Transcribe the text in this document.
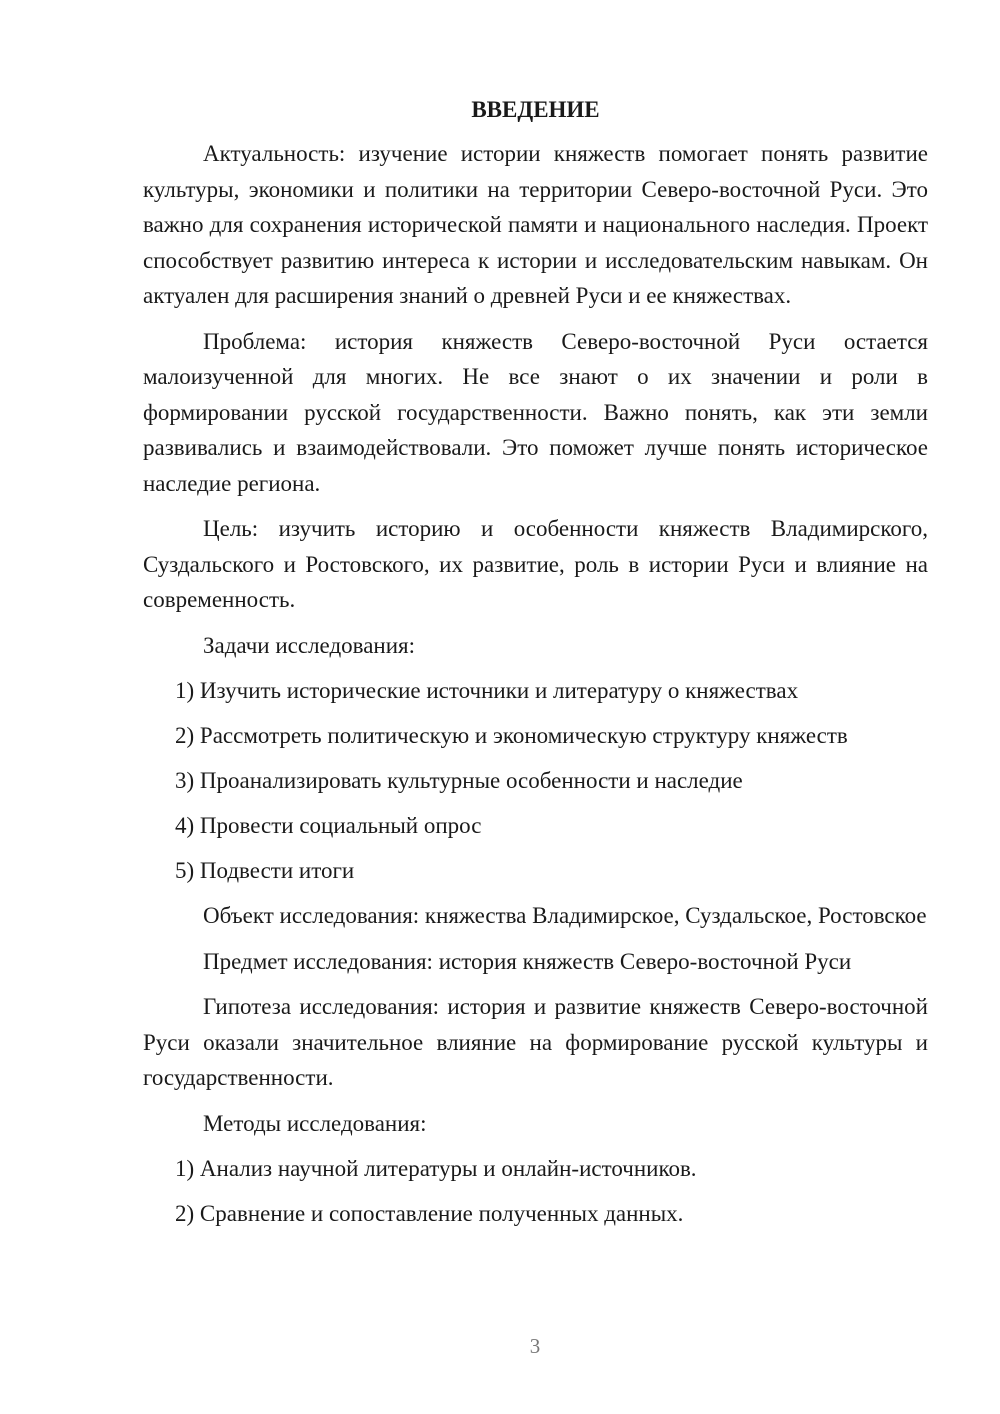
ВВЕДЕНИЕ

Актуальность: изучение истории княжеств помогает понять развитие культуры, экономики и политики на территории Северо-восточной Руси. Это важно для сохранения исторической памяти и национального наследия. Проект способствует развитию интереса к истории и исследовательским навыкам. Он актуален для расширения знаний о древней Руси и ее княжествах.

Проблема: история княжеств Северо-восточной Руси остается малоизученной для многих. Не все знают о их значении и роли в формировании русской государственности. Важно понять, как эти земли развивались и взаимодействовали. Это поможет лучше понять историческое наследие региона.

Цель: изучить историю и особенности княжеств Владимирского, Суздальского и Ростовского, их развитие, роль в истории Руси и влияние на современность.

Задачи исследования:

1) Изучить исторические источники и литературу о княжествах
2) Рассмотреть политическую и экономическую структуру княжеств
3) Проанализировать культурные особенности и наследие
4) Провести социальный опрос
5) Подвести итоги

Объект исследования: княжества Владимирское, Суздальское, Ростовское

Предмет исследования: история княжеств Северо-восточной Руси

Гипотеза исследования: история и развитие княжеств Северо-восточной Руси оказали значительное влияние на формирование русской культуры и государственности.

Методы исследования:

1) Анализ научной литературы и онлайн-источников.
2) Сравнение и сопоставление полученных данных.
3
